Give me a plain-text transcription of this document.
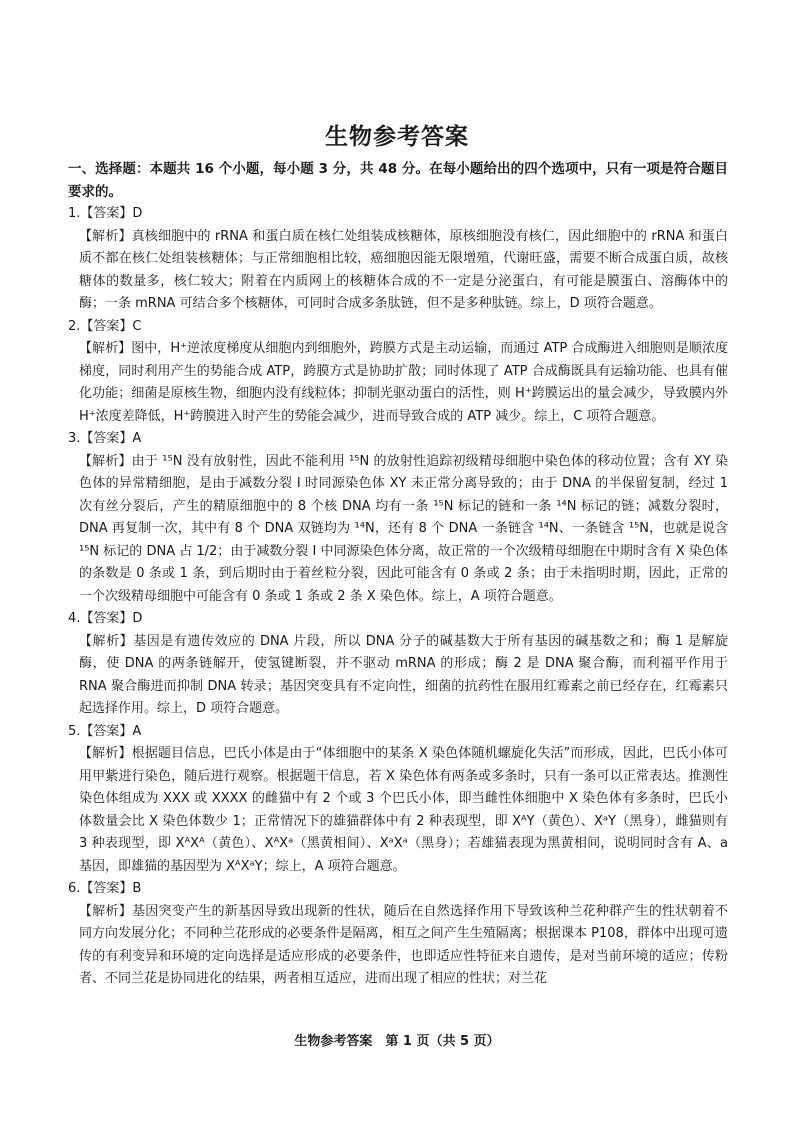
生物参考答案

一、选择题：本题共 16 个小题，每小题 3 分，共 48 分。在每小题给出的四个选项中，只有一项是符合题目要求的。

1.【答案】D

【解析】真核细胞中的 rRNA 和蛋白质在核仁处组装成核糖体，原核细胞没有核仁，因此细胞中的 rRNA 和蛋白质不都在核仁处组装核糖体；与正常细胞相比较，癌细胞因能无限增殖，代谢旺盛，需要不断合成蛋白质，故核糖体的数量多，核仁较大；附着在内质网上的核糖体合成的不一定是分泌蛋白，有可能是膜蛋白、溶酶体中的酶；一条 mRNA 可结合多个核糖体，可同时合成多条肽链，但不是多种肽链。综上，D 项符合题意。

2.【答案】C

【解析】图中，H⁺逆浓度梯度从细胞内到细胞外，跨膜方式是主动运输，而通过 ATP 合成酶进入细胞则是顺浓度梯度，同时利用产生的势能合成 ATP，跨膜方式是协助扩散；同时体现了 ATP 合成酶既具有运输功能、也具有催化功能；细菌是原核生物，细胞内没有线粒体；抑制光驱动蛋白的活性，则 H⁺跨膜运出的量会减少，导致膜内外 H⁺浓度差降低，H⁺跨膜进入时产生的势能会减少，进而导致合成的 ATP 减少。综上，C 项符合题意。

3.【答案】A

【解析】由于 ¹⁵N 没有放射性，因此不能利用 ¹⁵N 的放射性追踪初级精母细胞中染色体的移动位置；含有 XY 染色体的异常精细胞，是由于减数分裂 I 时同源染色体 XY 未正常分离导致的；由于 DNA 的半保留复制，经过 1 次有丝分裂后，产生的精原细胞中的 8 个核 DNA 均有一条 ¹⁵N 标记的链和一条 ¹⁴N 标记的链；减数分裂时，DNA 再复制一次，其中有 8 个 DNA 双链均为 ¹⁴N，还有 8 个 DNA 一条链含 ¹⁴N、一条链含 ¹⁵N，也就是说含 ¹⁵N 标记的 DNA 占 1/2；由于减数分裂 I 中同源染色体分离，故正常的一个次级精母细胞在中期时含有 X 染色体的条数是 0 条或 1 条，到后期时由于着丝粒分裂，因此可能含有 0 条或 2 条；由于未指明时期，因此，正常的一个次级精母细胞中可能含有 0 条或 1 条或 2 条 X 染色体。综上，A 项符合题意。

4.【答案】D

【解析】基因是有遗传效应的 DNA 片段，所以 DNA 分子的碱基数大于所有基因的碱基数之和；酶 1 是解旋酶，使 DNA 的两条链解开，使氢键断裂，并不驱动 mRNA 的形成；酶 2 是 DNA 聚合酶，而利福平作用于 RNA 聚合酶进而抑制 DNA 转录；基因突变具有不定向性，细菌的抗药性在服用红霉素之前已经存在，红霉素只起选择作用。综上，D 项符合题意。

5.【答案】A

【解析】根据题目信息，巴氏小体是由于“体细胞中的某条 X 染色体随机螺旋化失活”而形成，因此，巴氏小体可用甲紫进行染色，随后进行观察。根据题干信息，若 X 染色体有两条或多条时，只有一条可以正常表达。推测性染色体组成为 XXX 或 XXXX 的雌猫中有 2 个或 3 个巴氏小体，即当雌性体细胞中 X 染色体有多条时，巴氏小体数量会比 X 染色体数少 1；正常情况下的雄猫群体中有 2 种表现型，即 XᴬY（黄色）、XᵃY（黑身），雌猫则有 3 种表现型，即 XᴬXᴬ（黄色）、XᴬXᵃ（黑黄相间）、XᵃXᵃ（黑身）；若雄猫表现为黑黄相间，说明同时含有 A、a 基因，即雄猫的基因型为 XᴬXᵃY；综上，A 项符合题意。

6.【答案】B

【解析】基因突变产生的新基因导致出现新的性状，随后在自然选择作用下导致该种兰花种群产生的性状朝着不同方向发展分化；不同种兰花形成的必要条件是隔离，相互之间产生生殖隔离；根据课本 P108，群体中出现可遗传的有利变异和环境的定向选择是适应形成的必要条件，也即适应性特征来自遗传，是对当前环境的适应；传粉者、不同兰花是协同进化的结果，两者相互适应，进而出现了相应的性状；对兰花

生物参考答案　第 1 页（共 5 页）
